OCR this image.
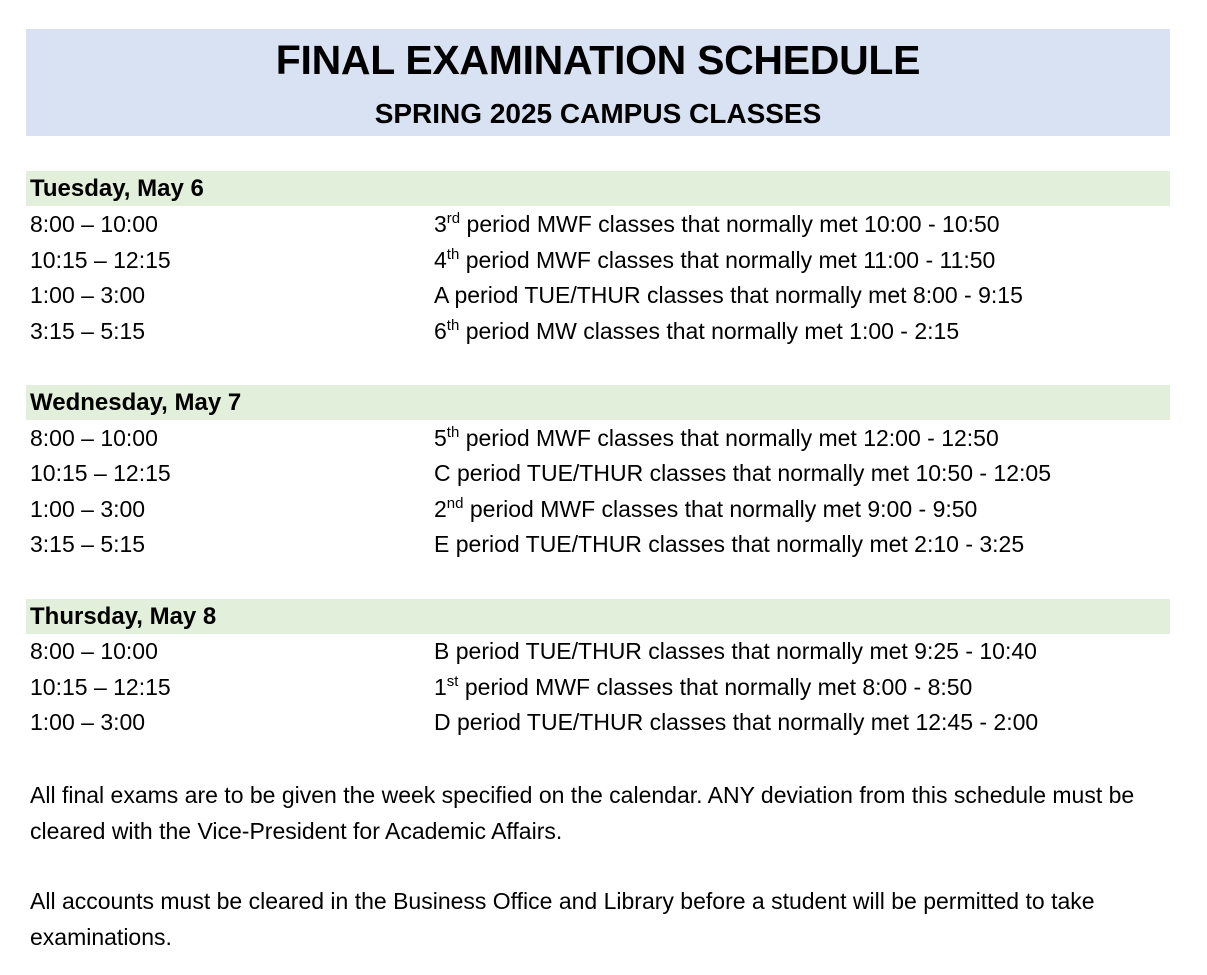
FINAL EXAMINATION SCHEDULE
SPRING 2025 CAMPUS CLASSES
Tuesday, May 6
8:00 – 10:00	3rd period MWF classes that normally met 10:00 - 10:50
10:15 – 12:15	4th period MWF classes that normally met 11:00 - 11:50
1:00 – 3:00	A period TUE/THUR classes that normally met 8:00 - 9:15
3:15 – 5:15	6th period MW classes that normally met 1:00 - 2:15
Wednesday, May 7
8:00 – 10:00	5th period MWF classes that normally met 12:00 - 12:50
10:15 – 12:15	C period TUE/THUR classes that normally met 10:50 - 12:05
1:00 – 3:00	2nd period MWF classes that normally met 9:00 - 9:50
3:15 – 5:15	E period TUE/THUR classes that normally met 2:10 - 3:25
Thursday, May 8
8:00 – 10:00	B period TUE/THUR classes that normally met 9:25 - 10:40
10:15 – 12:15	1st period MWF classes that normally met 8:00 - 8:50
1:00 – 3:00	D period TUE/THUR classes that normally met 12:45 - 2:00
All final exams are to be given the week specified on the calendar. ANY deviation from this schedule must be cleared with the Vice-President for Academic Affairs.
All accounts must be cleared in the Business Office and Library before a student will be permitted to take examinations.
